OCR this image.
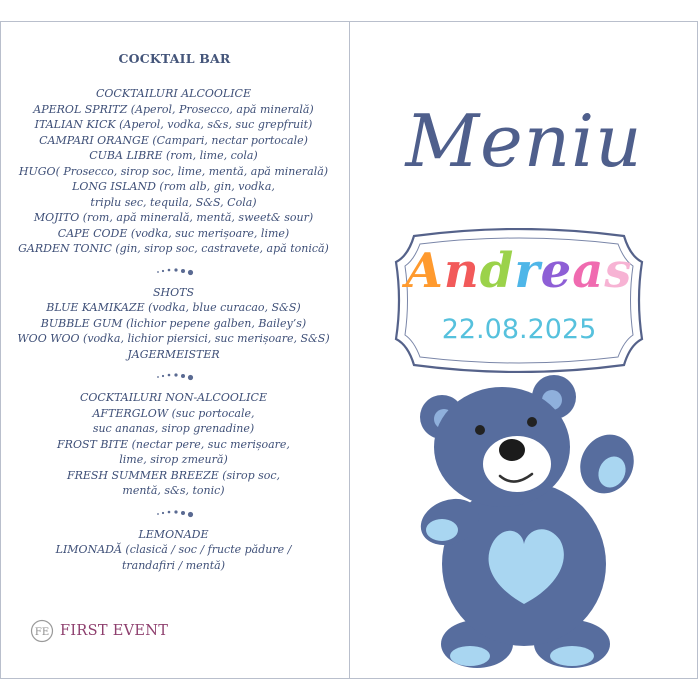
COCKTAIL BAR
COCKTAILURI ALCOOLICE
APEROL SPRITZ (Aperol, Prosecco, apă minerală)
ITALIAN KICK (Aperol, vodka, s&s, suc grepfruit)
CAMPARI ORANGE (Campari, nectar portocale)
CUBA LIBRE (rom, lime, cola)
HUGO( Prosecco, sirop soc, lime, mentă, apă minerală)
LONG ISLAND (rom alb, gin, vodka,
triplu sec, tequila, S&S, Cola)
MOJITO (rom, apă minerală, mentă, sweet& sour)
CAPE CODE (vodka, suc merișoare, lime)
GARDEN TONIC (gin, sirop soc, castravete, apă tonică)
SHOTS
BLUE KAMIKAZE (vodka, blue curacao, S&S)
BUBBLE GUM (lichior pepene galben, Bailey’s)
WOO WOO (vodka, lichior piersici, suc merișoare, S&S)
JAGERMEISTER
COCKTAILURI NON-ALCOOLICE
AFTERGLOW (suc portocale,
suc ananas, sirop grenadine)
FROST BITE (nectar pere, suc merișoare,
lime, sirop zmeură)
FRESH SUMMER BREEZE (sirop soc,
mentă, s&s, tonic)
LEMONADE
LIMONADĂ (clasică / soc / fructe pădure /
trandafiri / mentă)
FE FIRST EVENT
Meniu
Andreas
22.08.2025
